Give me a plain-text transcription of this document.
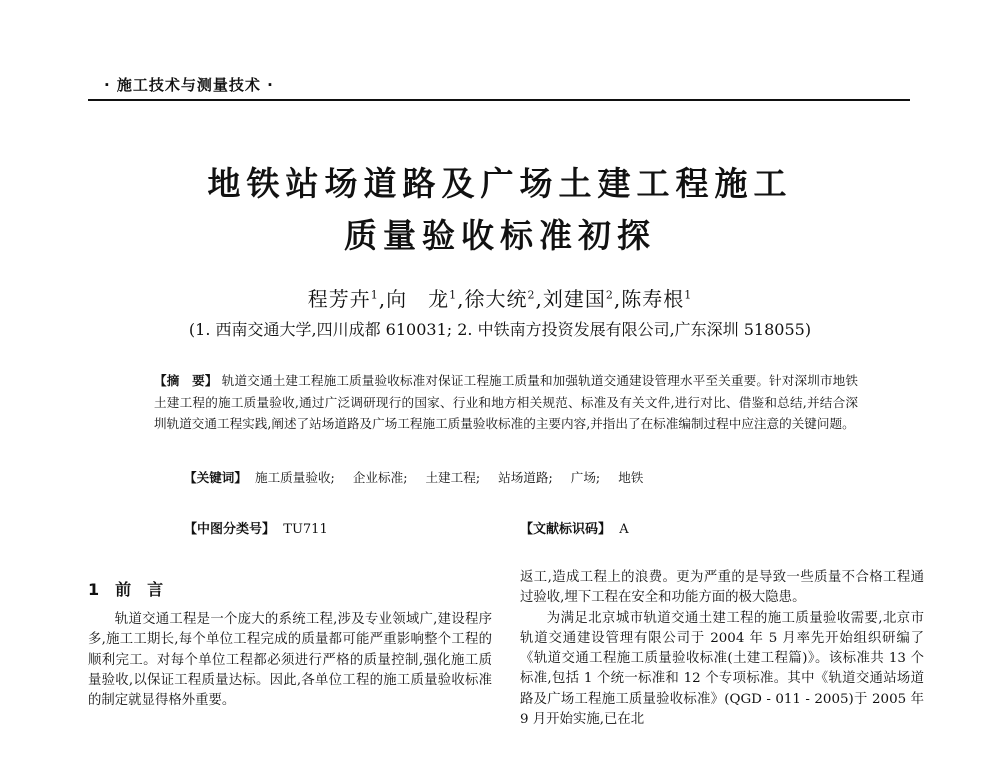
· 施工技术与测量技术 ·
地铁站场道路及广场土建工程施工
质量验收标准初探
程芳卉$^1$,向　龙$^1$,徐大统$^2$,刘建国$^2$,陈寿根$^1$
(1. 西南交通大学,四川成都 610031; 2. 中铁南方投资发展有限公司,广东深圳 518055)
【摘　要】 轨道交通土建工程施工质量验收标准对保证工程施工质量和加强轨道交通建设管理水平至关重要。针对深圳市地铁土建工程的施工质量验收,通过广泛调研现行的国家、行业和地方相关规范、标准及有关文件,进行对比、借鉴和总结,并结合深圳轨道交通工程实践,阐述了站场道路及广场工程施工质量验收标准的主要内容,并指出了在标准编制过程中应注意的关键问题。
【关键词】 施工质量验收; 企业标准; 土建工程; 站场道路; 广场; 地铁
【中图分类号】 TU711	【文献标识码】 A
1　前　言

轨道交通工程是一个庞大的系统工程,涉及专业领域广,建设程序多,施工工期长,每个单位工程完成的质量都可能严重影响整个工程的顺利完工。对每个单位工程都必须进行严格的质量控制,强化施工质量验收,以保证工程质量达标。因此,各单位工程的施工质量验收标准的制定就显得格外重要。

返工,造成工程上的浪费。更为严重的是导致一些质量不合格工程通过验收,埋下工程在安全和功能方面的极大隐患。

为满足北京城市轨道交通土建工程的施工质量验收需要,北京市轨道交通建设管理有限公司于 2004 年 5 月率先开始组织研编了《轨道交通工程施工质量验收标准(土建工程篇)》。该标准共 13 个标准,包括 1 个统一标准和 12 个专项标准。其中《轨道交通站场道路及广场工程施工质量验收标准》(QGD - 011 - 2005)于 2005 年 9 月开始实施,已在北
